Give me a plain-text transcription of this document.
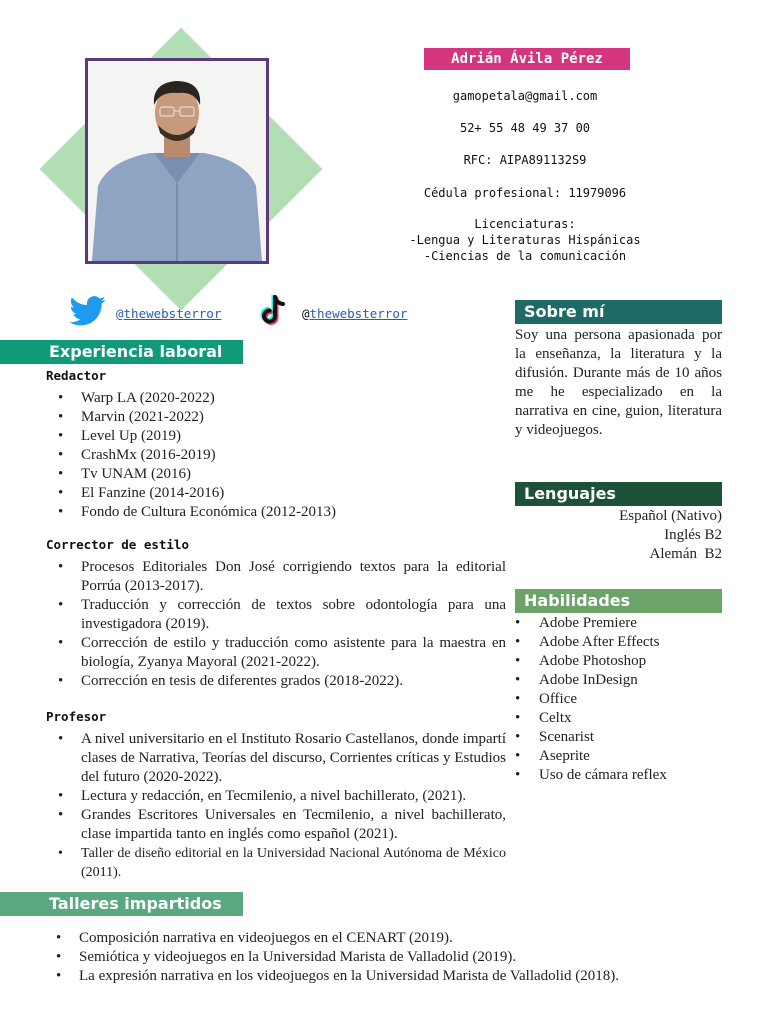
Adrián Ávila Pérez
gamopetala@gmail.com
52+ 55 48 49 37 00
RFC: AIPA891132S9
Cédula profesional: 11979096
Licenciaturas:
-Lengua y Literaturas Hispánicas
-Ciencias de la comunicación
@thewebsterror	@ thewebsterror
Experiencia laboral
Redactor
• Warp LA (2020-2022)
• Marvin (2021-2022)
• Level Up (2019)
• CrashMx (2016-2019)
• Tv UNAM (2016)
• El Fanzine (2014-2016)
• Fondo de Cultura Económica (2012-2013)
Corrector de estilo
• Procesos Editoriales Don José corrigiendo textos para la editorial Porrúa (2013-2017).
• Traducción y corrección de textos sobre odontología para una investigadora (2019).
• Corrección de estilo y traducción como asistente para la maestra en biología, Zyanya Mayoral (2021-2022).
• Corrección en tesis de diferentes grados (2018-2022).
Profesor
• A nivel universitario en el Instituto Rosario Castellanos, donde impartí clases de Narrativa, Teorías del discurso, Corrientes críticas y Estudios del futuro (2020-2022).
• Lectura y redacción, en Tecmilenio, a nivel bachillerato, (2021).
• Grandes Escritores Universales en Tecmilenio, a nivel bachillerato, clase impartida tanto en inglés como español (2021).
• Taller de diseño editorial en la Universidad Nacional Autónoma de México (2011).
Talleres impartidos
• Composición narrativa en videojuegos en el CENART (2019).
• Semiótica y videojuegos en la Universidad Marista de Valladolid (2019).
• La expresión narrativa en los videojuegos en la Universidad Marista de Valladolid (2018).
Sobre mí
Soy una persona apasionada por la enseñanza, la literatura y la difusión. Durante más de 10 años me he especializado en la narrativa en cine, guion, literatura y videojuegos.
Lenguajes
Español (Nativo)
Inglés B2
Alemán  B2
Habilidades
• Adobe Premiere
• Adobe After Effects
• Adobe Photoshop
• Adobe InDesign
• Office
• Celtx
• Scenarist
• Aseprite
• Uso de cámara reflex
